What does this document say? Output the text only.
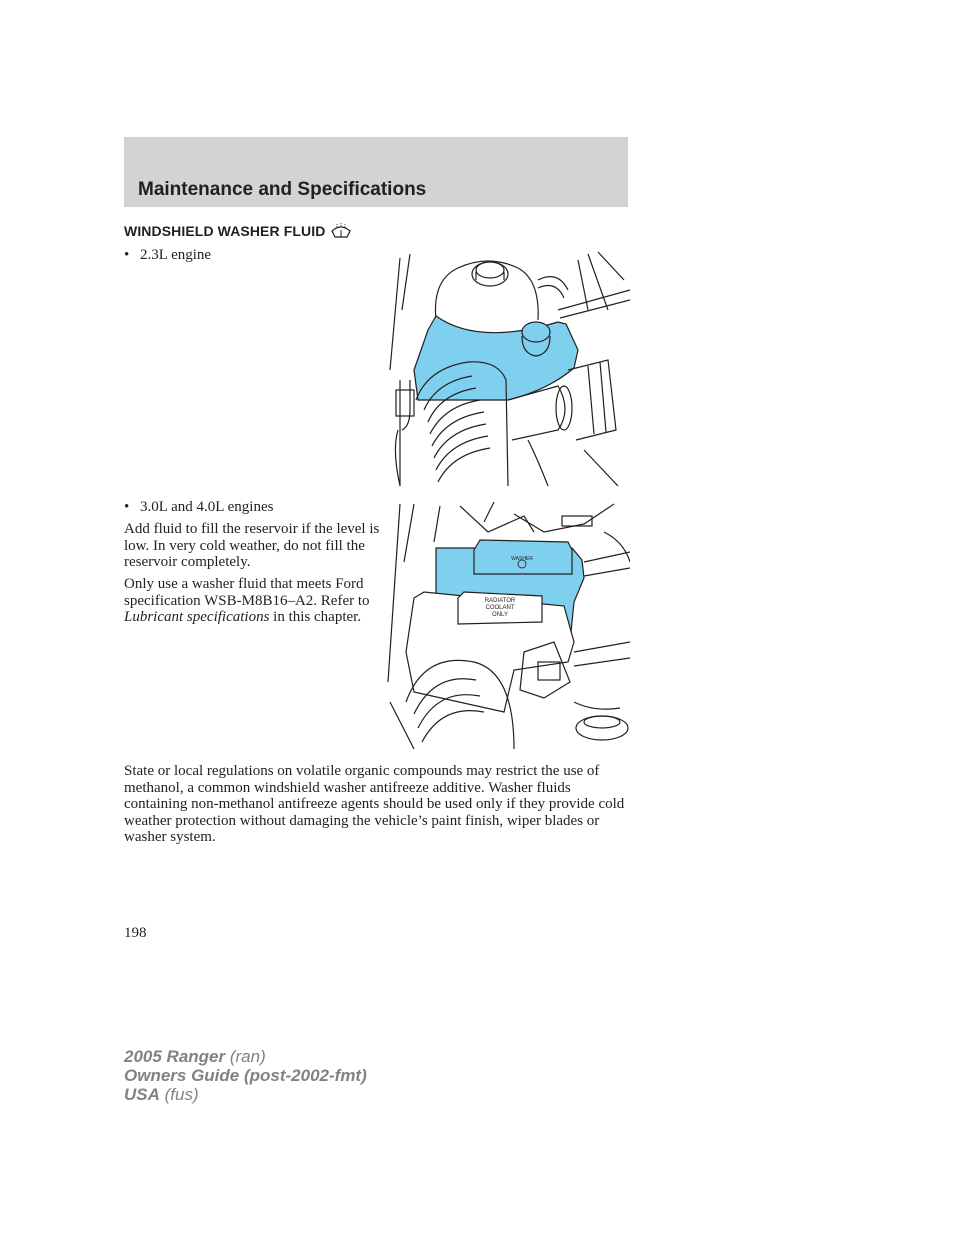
Maintenance and Specifications
WINDSHIELD WASHER FLUID
• 2.3L engine
• 3.0L and 4.0L engines

Add fluid to fill the reservoir if the level is low. In very cold weather, do not fill the reservoir completely.

Only use a washer fluid that meets Ford specification WSB-M8B16–A2. Refer to Lubricant specifications in this chapter.

WASHER
RADIATOR
COOLANT
ONLY

State or local regulations on volatile organic compounds may restrict the use of methanol, a common windshield washer antifreeze additive. Washer fluids containing non-methanol antifreeze agents should be used only if they provide cold weather protection without damaging the vehicle’s paint finish, wiper blades or washer system.

198
2005 Ranger (ran)
Owners Guide (post-2002-fmt)
USA (fus)
